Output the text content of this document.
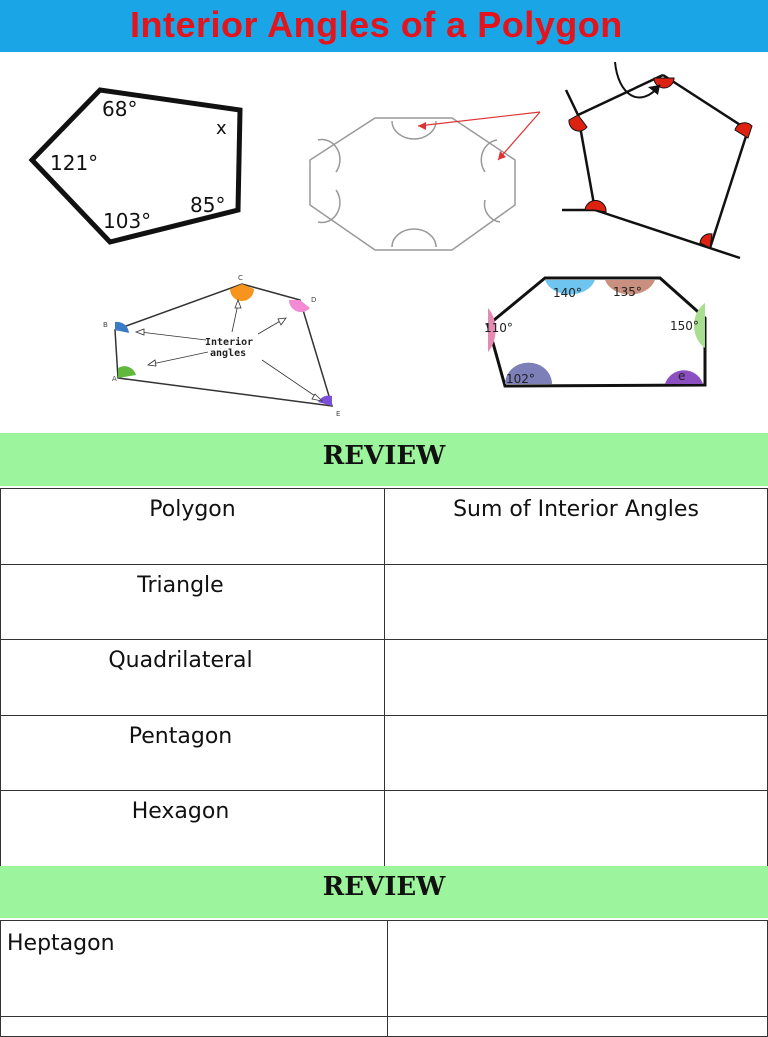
Interior Angles of a Polygon
68°
x
121°
85°
103°
C
D
B
A
E
Interior
angles
140°	135°
110°	150°
102°	e
REVIEW
Polygon	Sum of Interior Angles
Triangle	
Quadrilateral	
Pentagon	
Hexagon	
REVIEW
Heptagon	
